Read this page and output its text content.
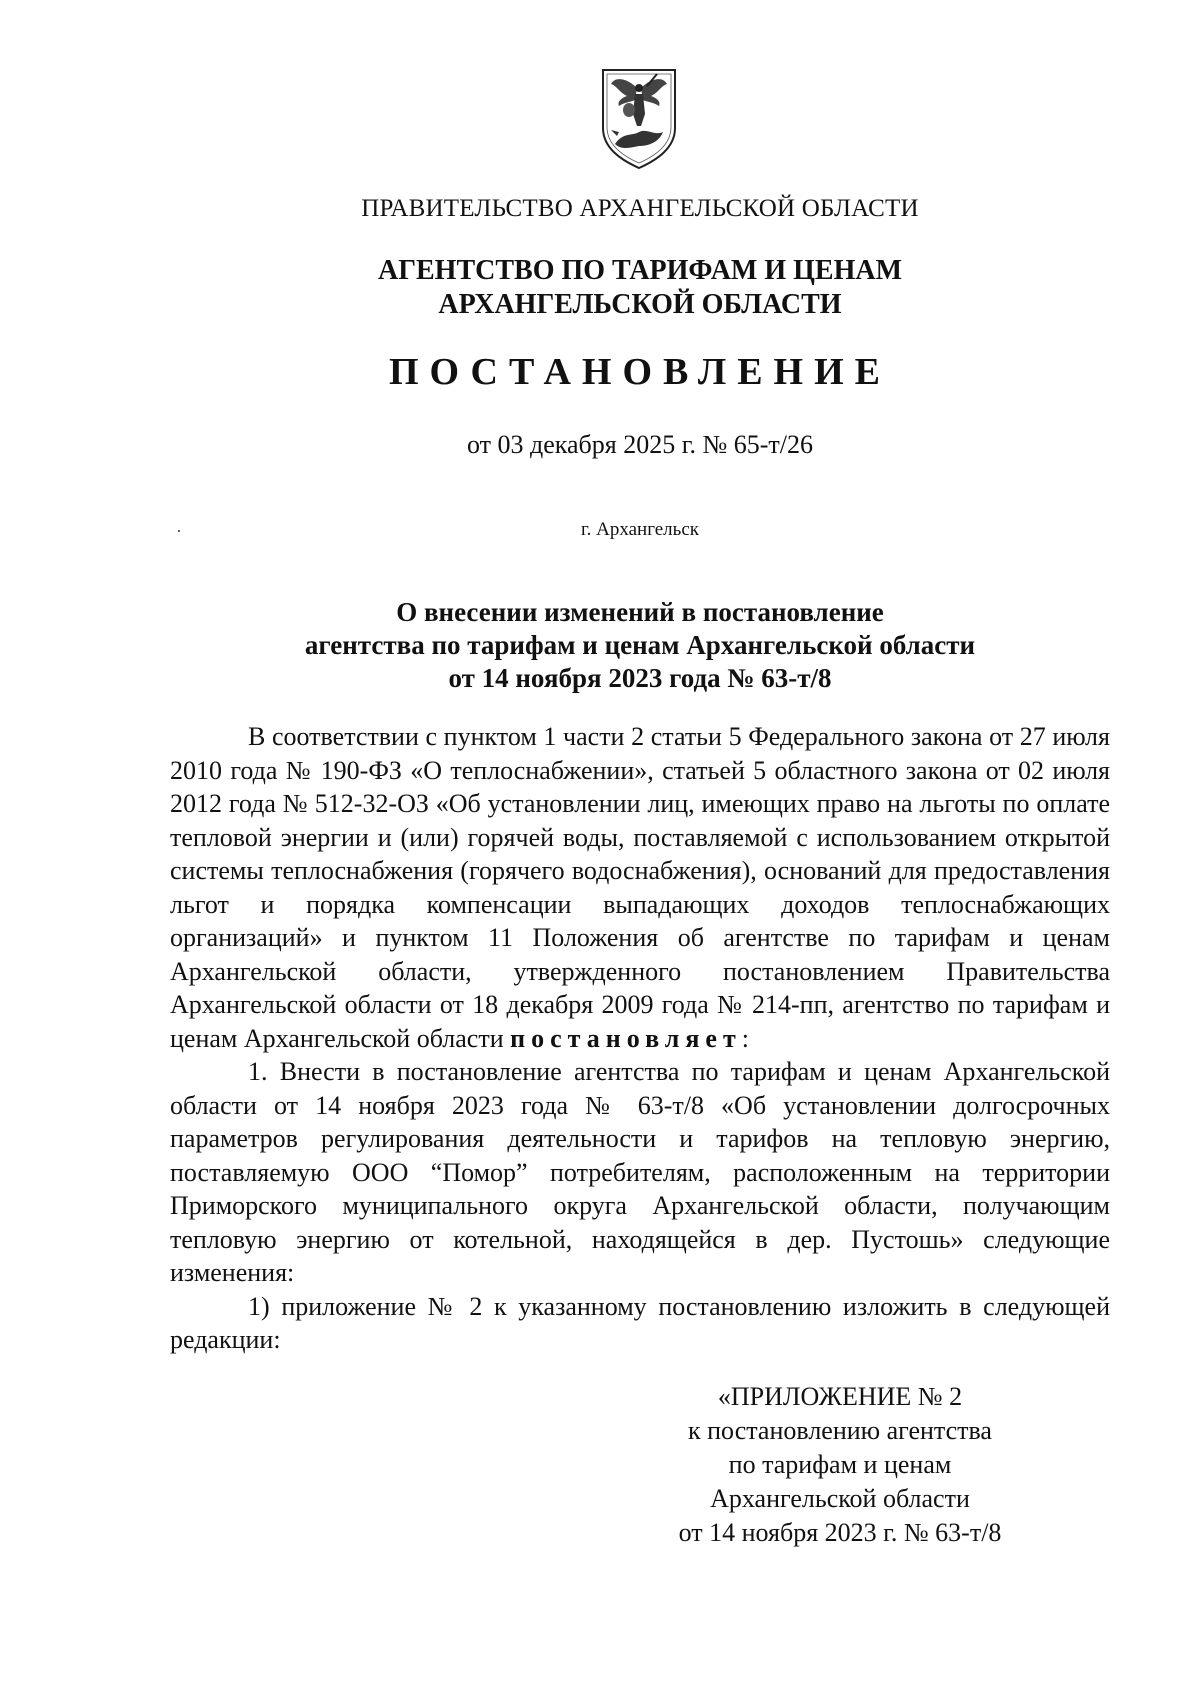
ПРАВИТЕЛЬСТВО АРХАНГЕЛЬСКОЙ ОБЛАСТИ
АГЕНТСТВО ПО ТАРИФАМ И ЦЕНАМ
АРХАНГЕЛЬСКОЙ ОБЛАСТИ
ПОСТАНОВЛЕНИЕ
от 03 декабря 2025 г. № 65-т/26
г. Архангельск
О внесении изменений в постановление
агентства по тарифам и ценам Архангельской области
от 14 ноября 2023 года № 63-т/8

В соответствии с пунктом 1 части 2 статьи 5 Федерального закона от 27 июля 2010 года № 190-ФЗ «О теплоснабжении», статьей 5 областного закона от 02 июля 2012 года № 512-32-ОЗ «Об установлении лиц, имеющих право на льготы по оплате тепловой энергии и (или) горячей воды, поставляемой с использованием открытой системы теплоснабжения (горячего водоснабжения), оснований для предоставления льгот и порядка компенсации выпадающих доходов теплоснабжающих организаций» и пунктом 11 Положения об агентстве по тарифам и ценам Архангельской области, утвержденного постановлением Правительства Архангельской области от 18 декабря 2009 года № 214-пп, агентство по тарифам и ценам Архангельской области постановляет:

1. Внести в постановление агентства по тарифам и ценам Архангельской области от 14 ноября 2023 года № 63-т/8 «Об установлении долгосрочных параметров регулирования деятельности и тарифов на тепловую энергию, поставляемую ООО “Помор” потребителям, расположенным на территории Приморского муниципального округа Архангельской области, получающим тепловую энергию от котельной, находящейся в дер. Пустошь» следующие изменения:

1) приложение № 2 к указанному постановлению изложить в следующей редакции:

«ПРИЛОЖЕНИЕ № 2
к постановлению агентства
по тарифам и ценам
Архангельской области
от 14 ноября 2023 г. № 63-т/8
